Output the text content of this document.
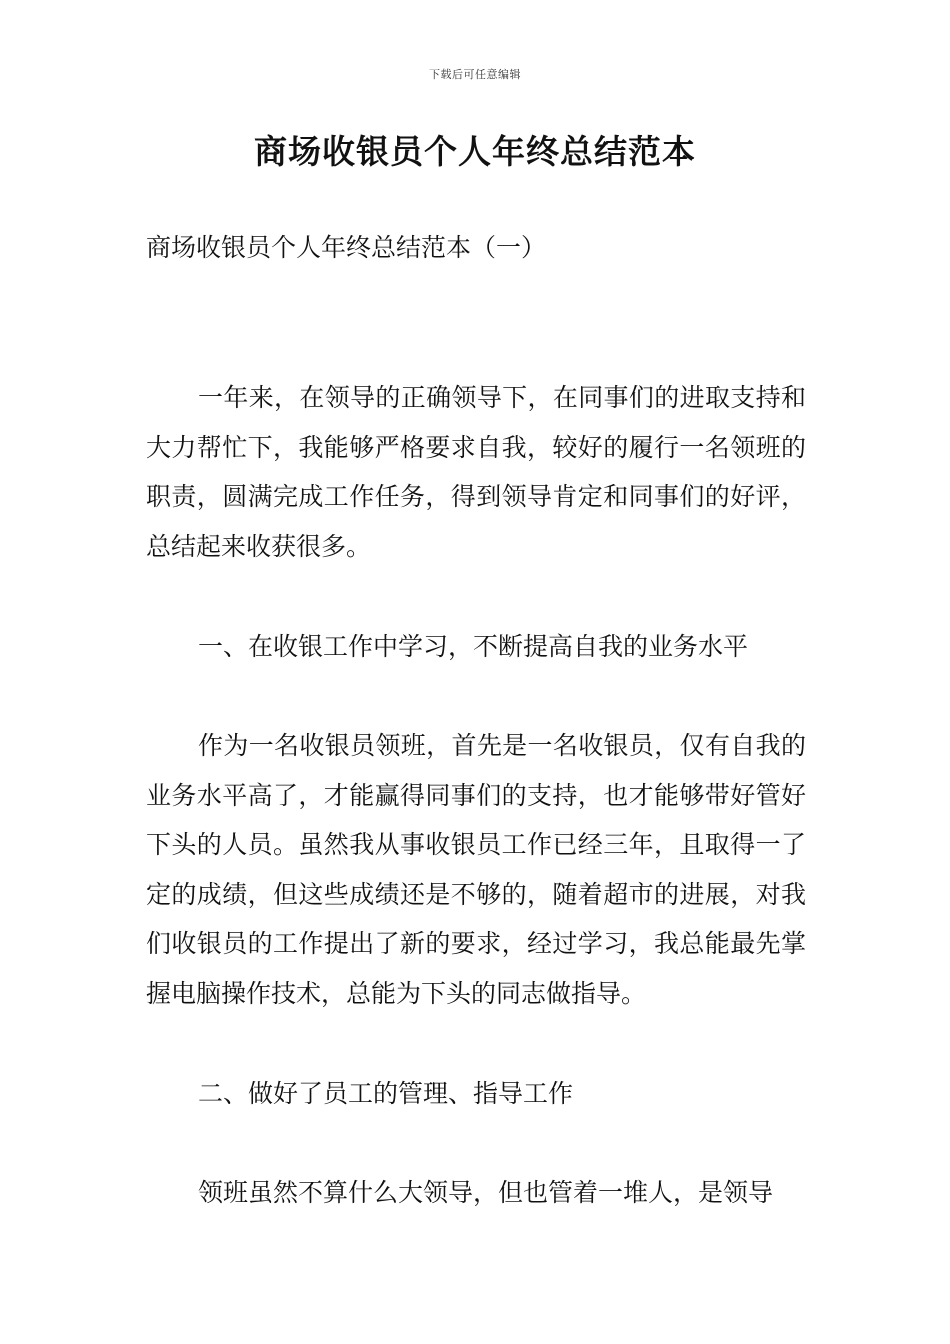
下载后可任意编辑
商场收银员个人年终总结范本

商场收银员个人年终总结范本（一）

一年来，在领导的正确领导下，在同事们的进取支持和大力帮忙下，我能够严格要求自我，较好的履行一名领班的职责，圆满完成工作任务，得到领导肯定和同事们的好评，总结起来收获很多。

一、在收银工作中学习，不断提高自我的业务水平

作为一名收银员领班，首先是一名收银员，仅有自我的业务水平高了，才能赢得同事们的支持，也才能够带好管好下头的人员。虽然我从事收银员工作已经三年，且取得一了定的成绩，但这些成绩还是不够的，随着超市的进展，对我们收银员的工作提出了新的要求，经过学习，我总能最先掌握电脑操作技术，总能为下头的同志做指导。

二、做好了员工的管理、指导工作

领班虽然不算什么大领导，但也管着一堆人，是领导
